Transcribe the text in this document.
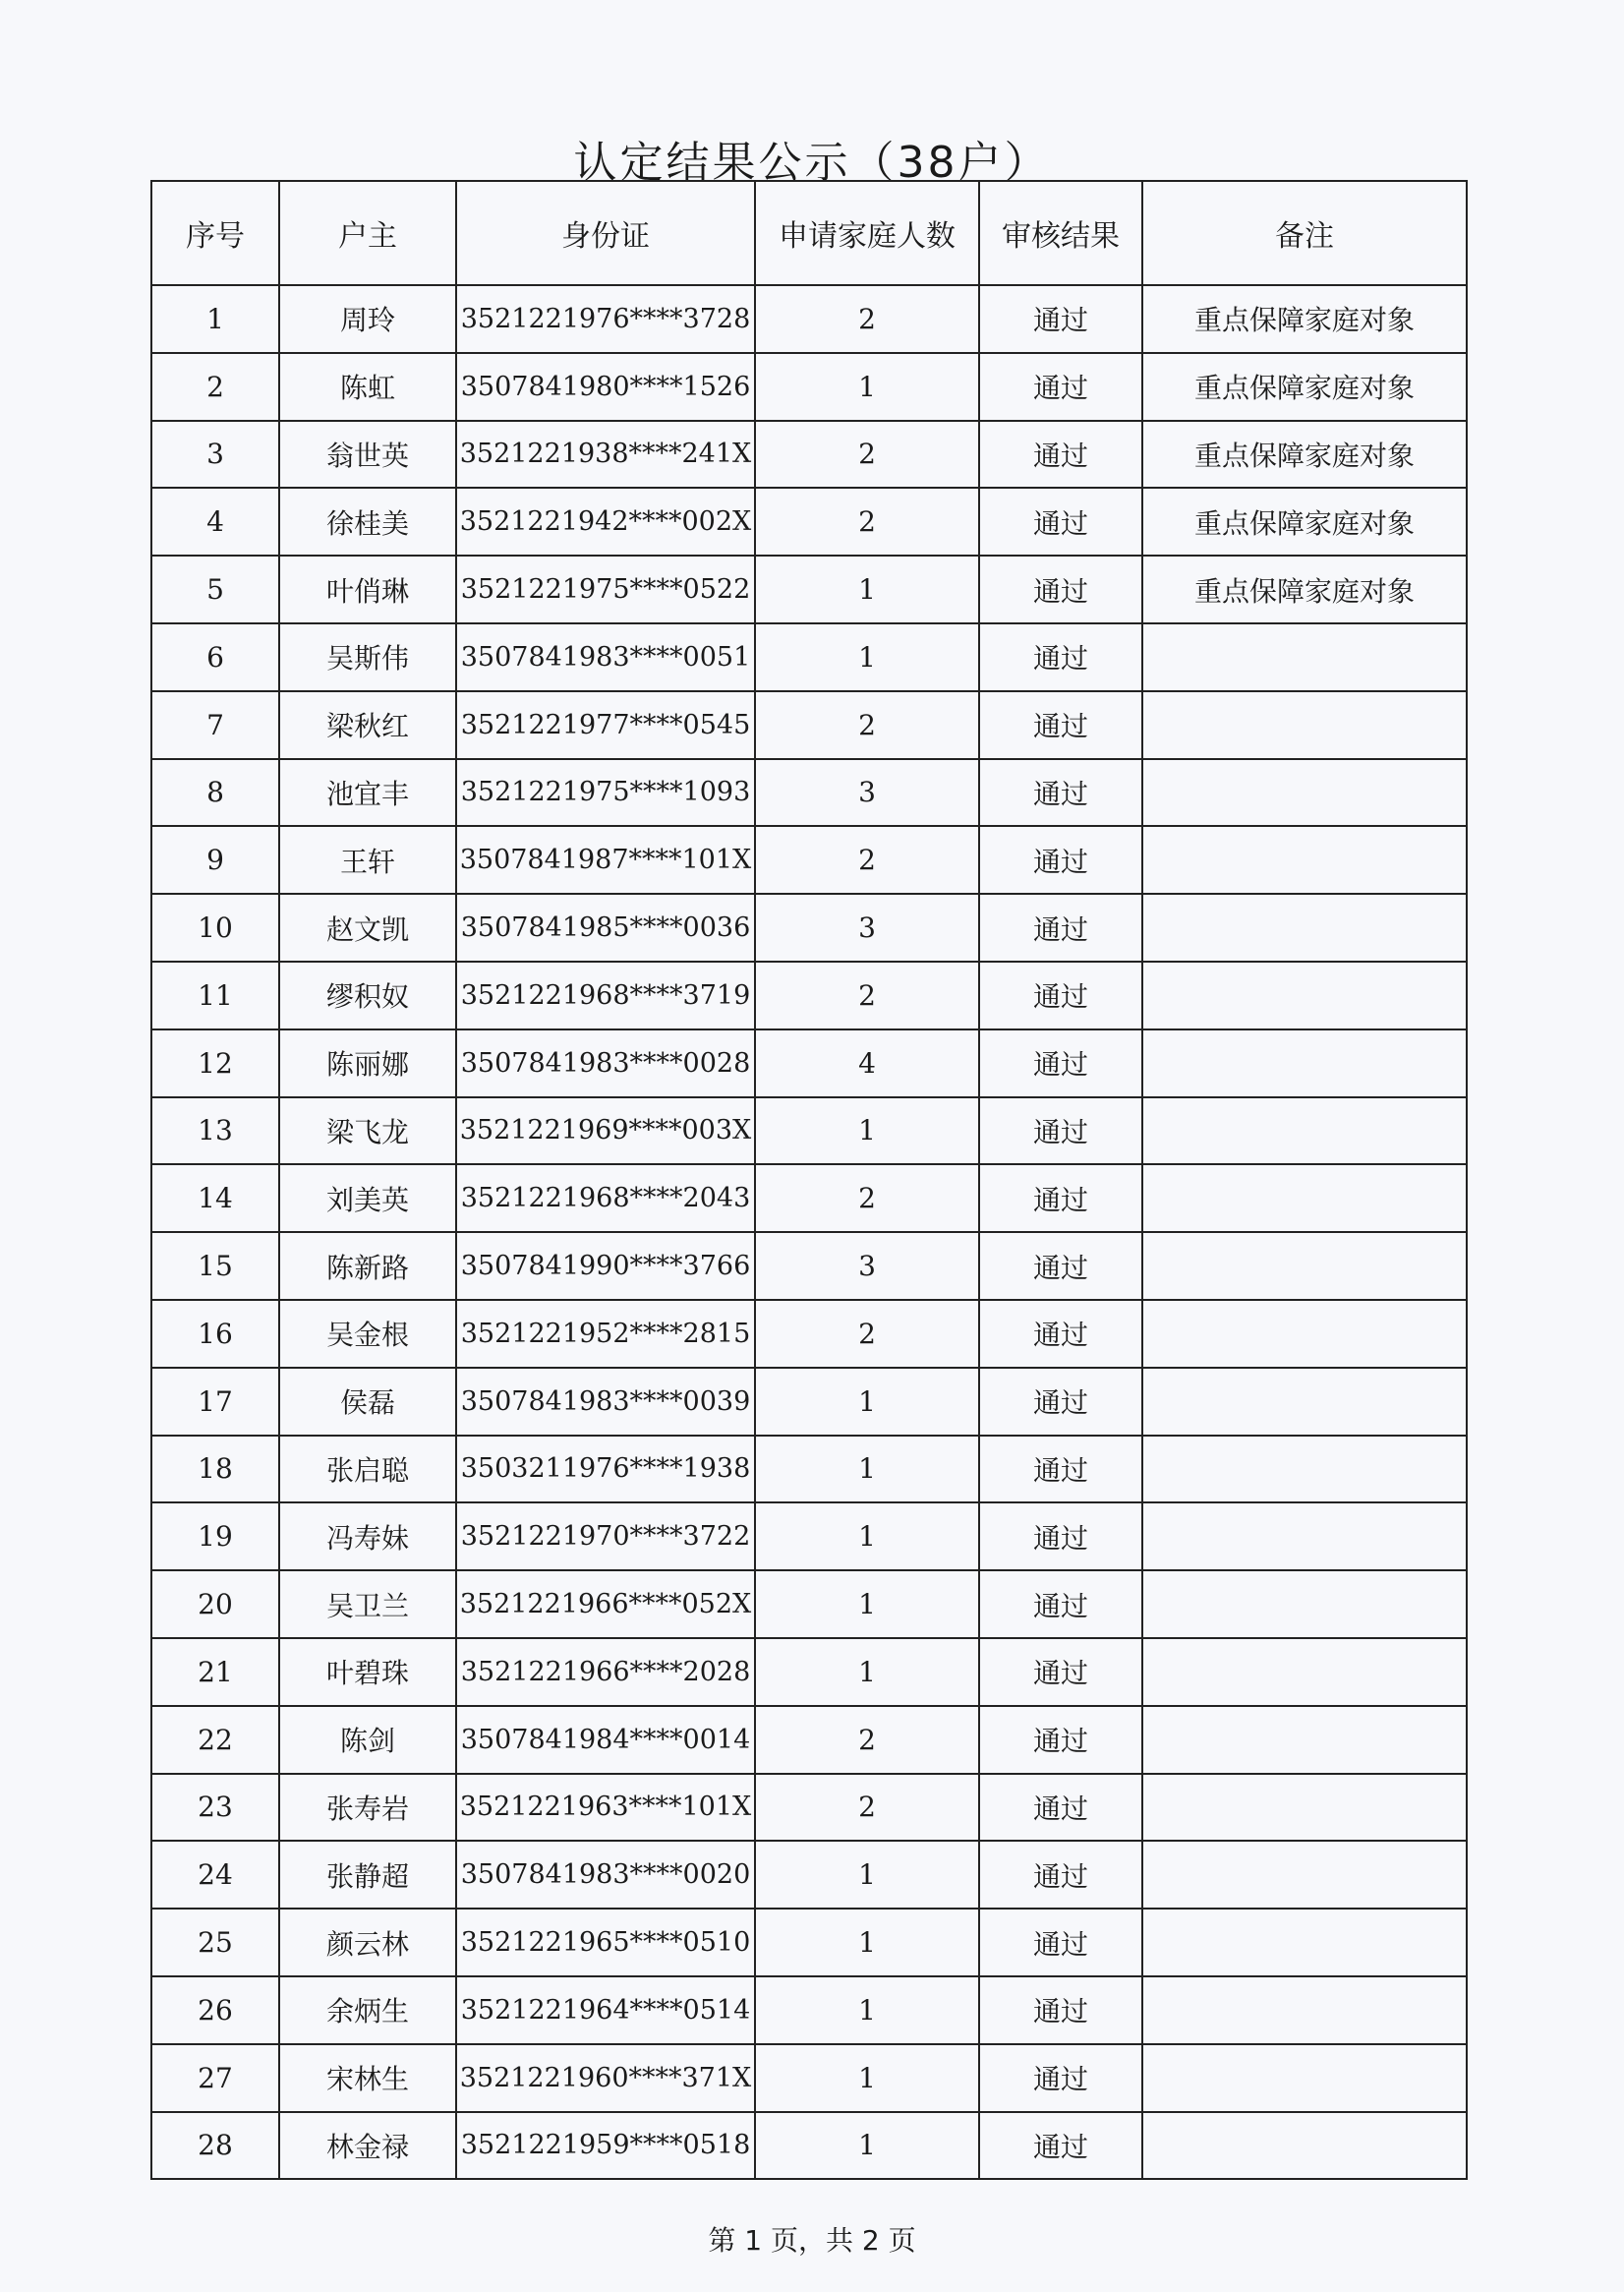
认定结果公示（38户）
序号	户主	身份证	申请家庭人数	审核结果	备注
1	周玲	3521221976****3728	2	通过	重点保障家庭对象
2	陈虹	3507841980****1526	1	通过	重点保障家庭对象
3	翁世英	3521221938****241X	2	通过	重点保障家庭对象
4	徐桂美	3521221942****002X	2	通过	重点保障家庭对象
5	叶俏琳	3521221975****0522	1	通过	重点保障家庭对象
6	吴斯伟	3507841983****0051	1	通过	
7	梁秋红	3521221977****0545	2	通过	
8	池宜丰	3521221975****1093	3	通过	
9	王轩	3507841987****101X	2	通过	
10	赵文凯	3507841985****0036	3	通过	
11	缪积奴	3521221968****3719	2	通过	
12	陈丽娜	3507841983****0028	4	通过	
13	梁飞龙	3521221969****003X	1	通过	
14	刘美英	3521221968****2043	2	通过	
15	陈新路	3507841990****3766	3	通过	
16	吴金根	3521221952****2815	2	通过	
17	侯磊	3507841983****0039	1	通过	
18	张启聪	3503211976****1938	1	通过	
19	冯寿妹	3521221970****3722	1	通过	
20	吴卫兰	3521221966****052X	1	通过	
21	叶碧珠	3521221966****2028	1	通过	
22	陈剑	3507841984****0014	2	通过	
23	张寿岩	3521221963****101X	2	通过	
24	张静超	3507841983****0020	1	通过	
25	颜云林	3521221965****0510	1	通过	
26	余炳生	3521221964****0514	1	通过	
27	宋林生	3521221960****371X	1	通过	
28	林金禄	3521221959****0518	1	通过	
第 1 页，共 2 页
